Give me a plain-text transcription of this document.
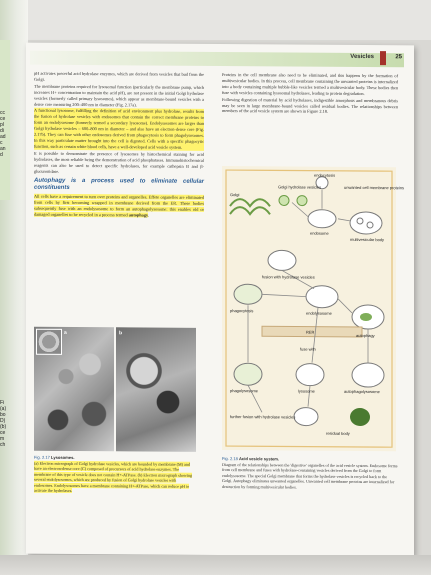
cc
ce
pl
di
ad
c
an
d
Fi
(a)
bo
D)
(b)
ce
m
ch
Vesicles	25

pH activates powerful acid hydrolase enzymes, which are derived from vesicles that bud from the Golgi.

The membrane proteins required for lysosomal function (particularly the membrane pump, which increases H+ concentration to maintain the acid pH), are not present in the initial Golgi hydrolase vesicles (formerly called primary lysosomes), which appear as membrane-bound vesicles with a dense core measuring 200–400 nm in diameter (Fig. 2.17a).

A functional lysosome, fulfilling the definition of acid environment plus hydrolase, results from the fusion of hydrolase vesicles with endosomes that contain the correct membrane proteins to form an endolysosome (formerly termed a secondary lysosome). Endolysosomes are larger than Golgi hydrolase vesicles – 600–800 nm in diameter – and also have an electron-dense core (Fig. 2.17b). They can fuse with other endosomes derived from phagocytosis to form phagolysosomes. In this way particulate matter brought into the cell is digested. Cells with a specific phagocytic function, such as certain white blood cells, have a well-developed acid vesicle system.

It is possible to demonstrate the presence of lysosomes by histochemical staining for acid hydrolases, the most reliable being the demonstration of acid phosphatases. Immunohistochemical reagents can also be used to detect specific hydrolases, for example cathepsin B and β-glucuronidase.

Autophagy is a process used to eliminate cellular constituents

All cells have a requirement to turn over proteins and organelles. Effete organelles are eliminated from cells by first becoming wrapped in membrane derived from the ER. These bodies subsequently fuse with an endolysosome to form an autophagolysosome: this enables old or damaged organelles to be recycled in a process termed autophagy.

Proteins in the cell membrane also need to be eliminated, and this happens by the formation of multivesicular bodies. In this process, cell membrane containing the unwanted proteins is internalized into a body containing multiple bubble-like vesicles termed a multivesicular body. These bodies then fuse with vesicles containing lysosomal hydrolases, leading to protein degradation.

Following digestion of material by acid hydrolases, indigestible amorphous and membranous debris may be seen in large membrane-bound vesicles called residual bodies. The relationships between members of the acid vesicle system are shown in Figure 2.18.

a	b
endocytosis
Golgi hydrolase vesicles	unwanted cell membrane proteins
Golgi
endosome
multivesicular body
fusion with hydrolase vesicles
phagocytosis	endolysosome
autophagy
RER
fuse with
phagolysosome	lysosome	autophagolysosome
further fusion with hydrolase vesicles
residual body
Fig. 2.17 Lysosomes.
(a) Electron micrograph of Golgi hydrolase vesicles, which are bounded by membrane (M) and have an electron-dense core (C) composed of precursors of acid hydrolase enzymes. The membrane of this type of vesicle does not contain H+-ATPase. (b) Electron micrograph showing several endolysosomes, which are produced by fusion of Golgi hydrolase vesicles with endosomes. Endolysosomes have a membrane containing H+-ATPase, which can reduce pH to activate the hydrolases.
Fig. 2.18 Acid vesicle system.
Diagram of the relationships between the 'digestive' organelles of the acid vesicle system. Endosome forms from cell membrane and fuses with hydrolase-containing vesicles derived from the Golgi to form endolysosome. The special Golgi membrane that forms the hydrolase vesicles is recycled back to the Golgi. Autophagy eliminates unwanted organelles. Unwanted cell membrane proteins are internalized for destruction by forming multivesicular bodies.
